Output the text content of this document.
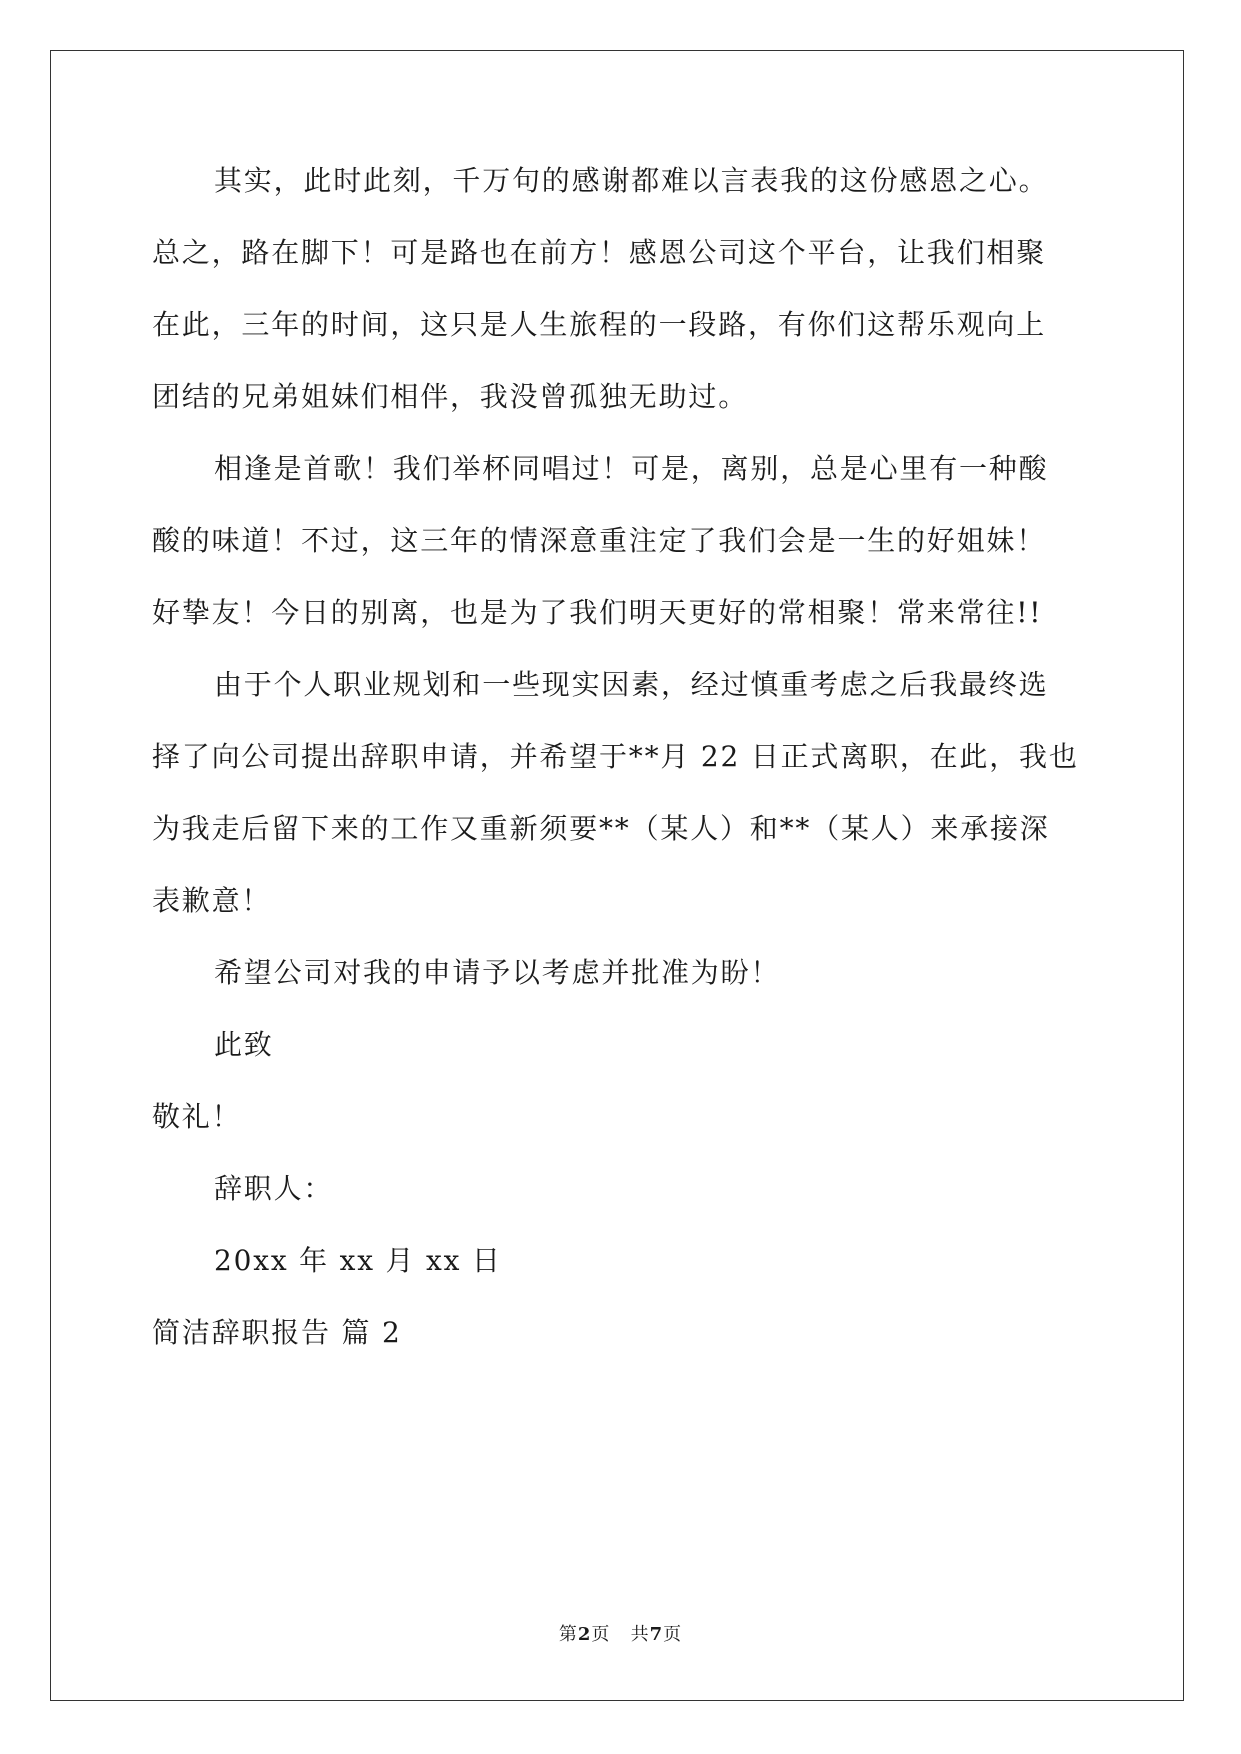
其实，此时此刻，千万句的感谢都难以言表我的这份感恩之心。
总之，路在脚下！可是路也在前方！感恩公司这个平台，让我们相聚
在此，三年的时间，这只是人生旅程的一段路，有你们这帮乐观向上
团结的兄弟姐妹们相伴，我没曾孤独无助过。
相逢是首歌！我们举杯同唱过！可是，离别，总是心里有一种酸
酸的味道！不过，这三年的情深意重注定了我们会是一生的好姐妹！
好挚友！今日的别离，也是为了我们明天更好的常相聚！常来常往!!
由于个人职业规划和一些现实因素，经过慎重考虑之后我最终选
择了向公司提出辞职申请，并希望于**月 22 日正式离职，在此，我也
为我走后留下来的工作又重新须要**（某人）和**（某人）来承接深
表歉意！
希望公司对我的申请予以考虑并批准为盼！
此致
敬礼！
辞职人：
20xx 年 xx 月 xx 日
简洁辞职报告 篇 2
第2页 共7页
